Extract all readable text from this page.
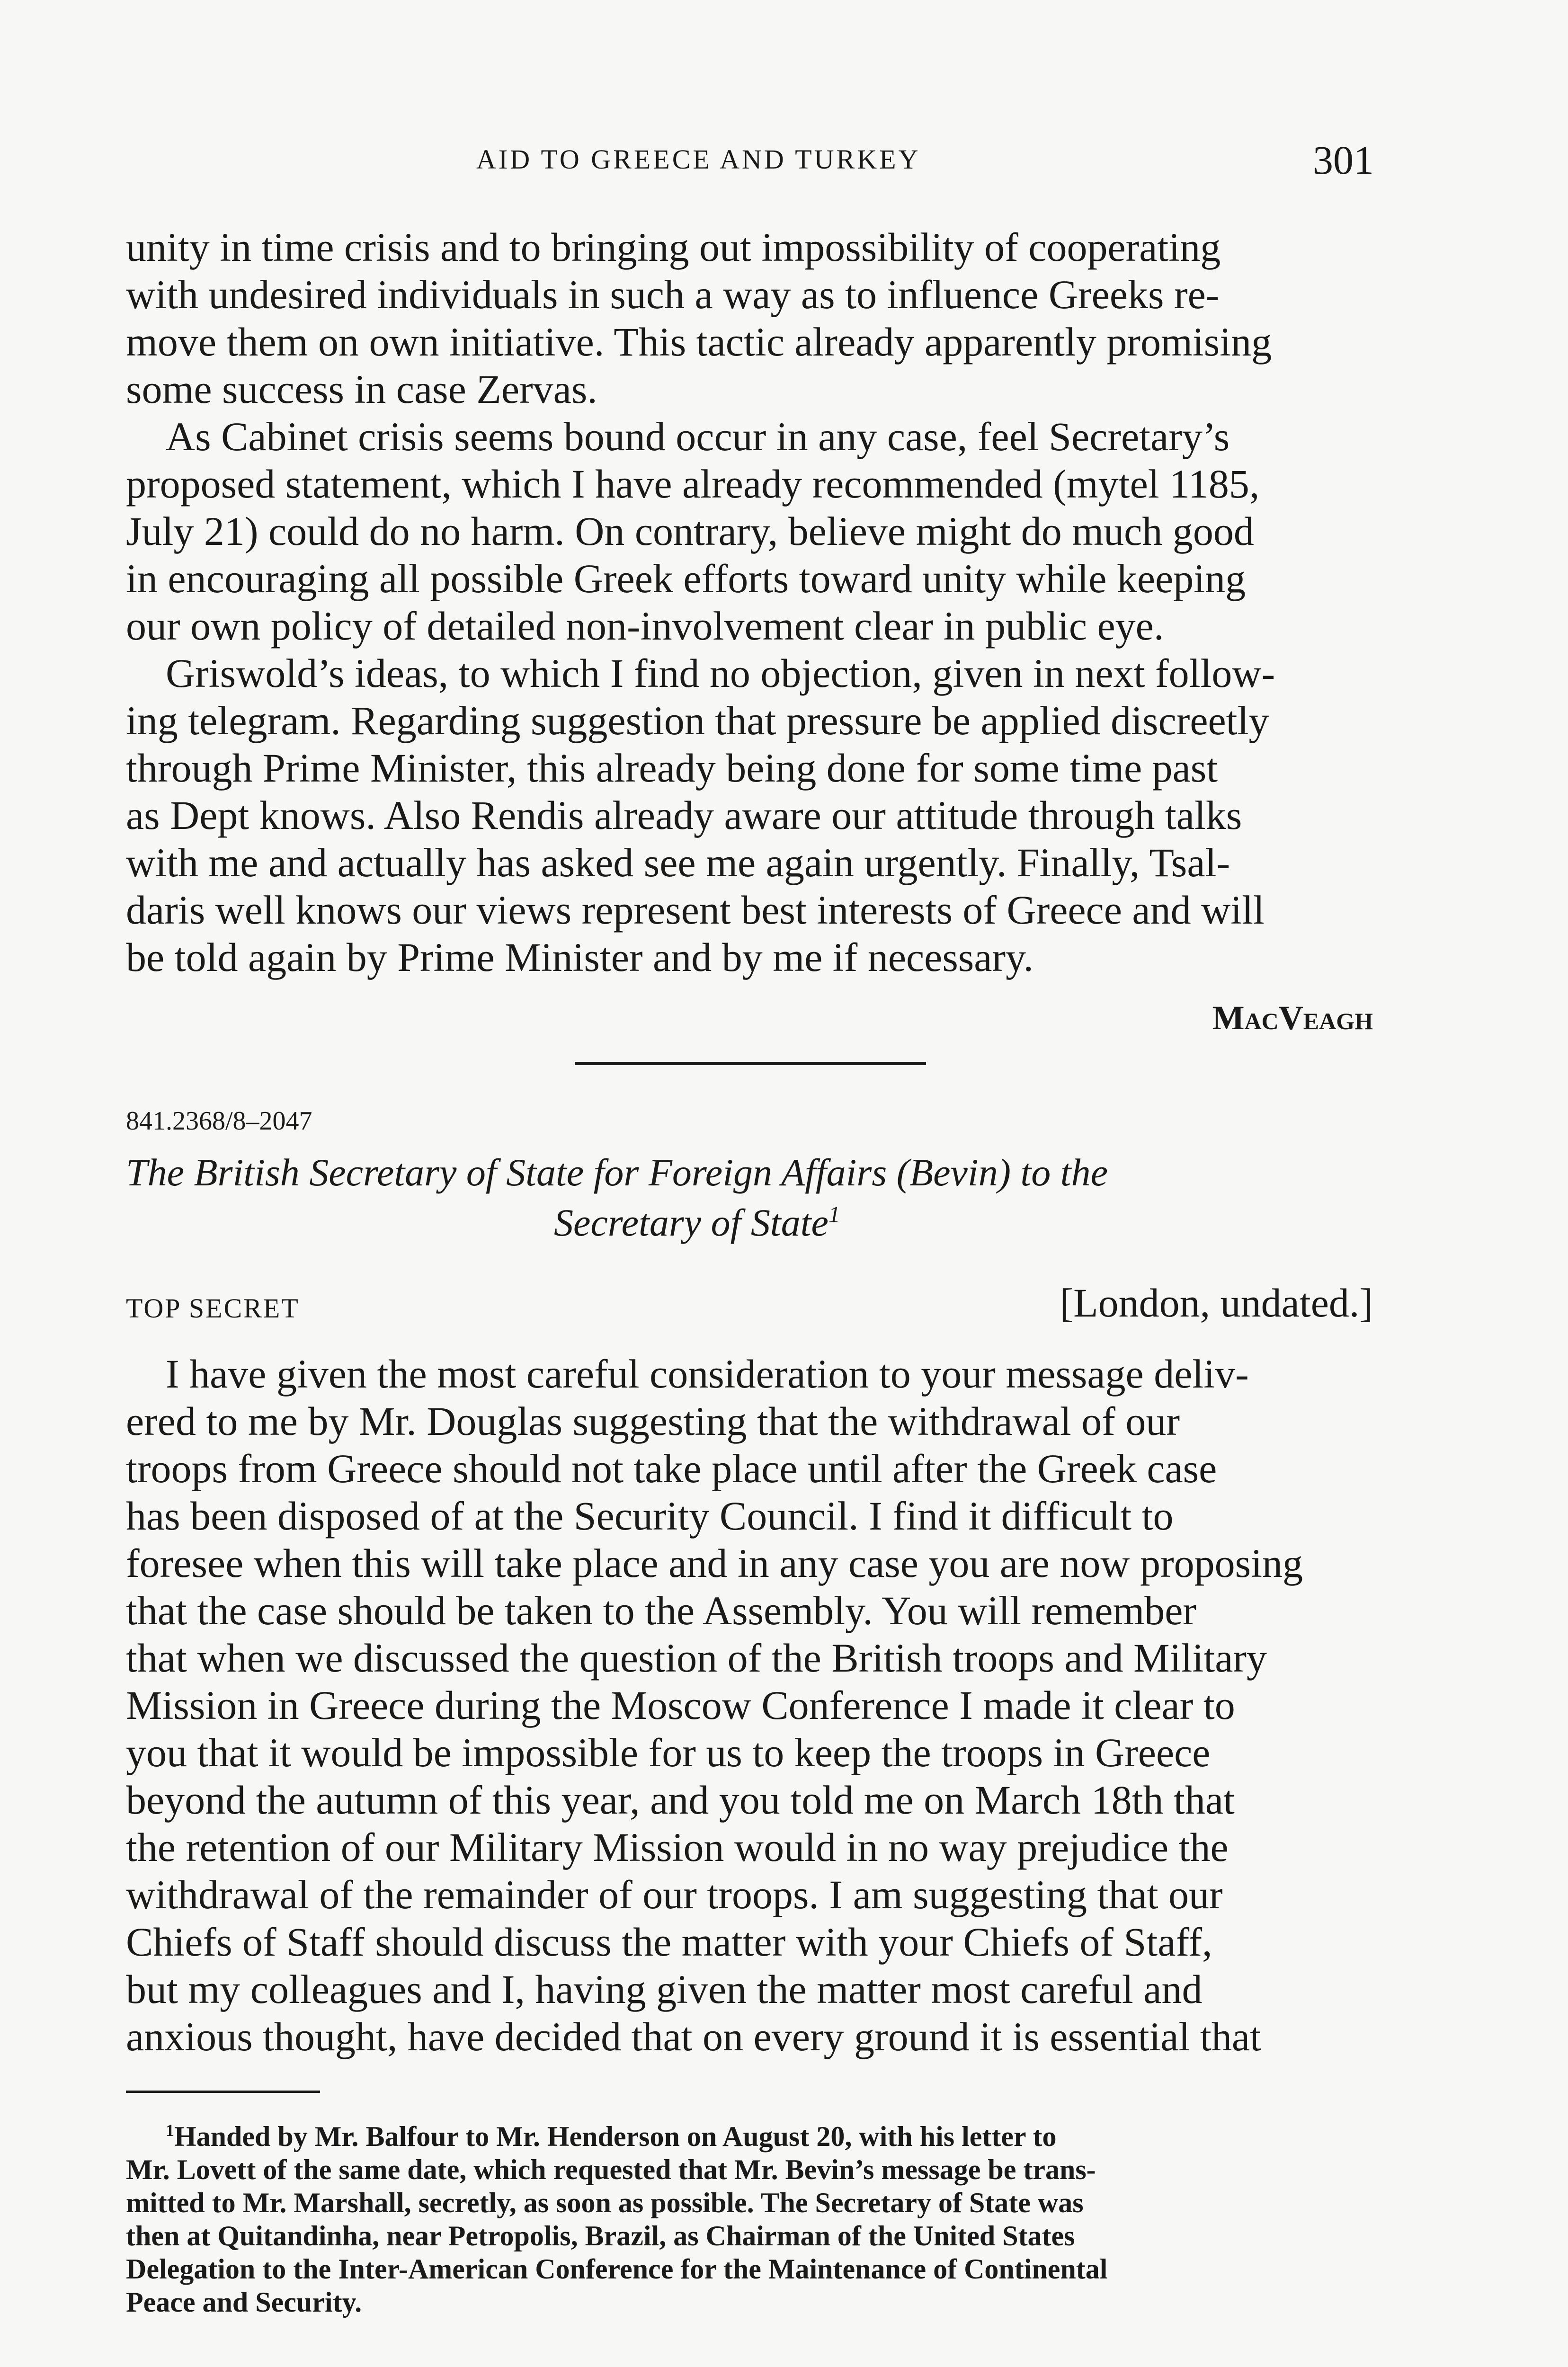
AID TO GREECE AND TURKEY	301
unity in time crisis and to bringing out impossibility of cooperating
with undesired individuals in such a way as to influence Greeks re-
move them on own initiative. This tactic already apparently promising
some success in case Zervas.
As Cabinet crisis seems bound occur in any case, feel Secretary’s
proposed statement, which I have already recommended (mytel 1185,
July 21) could do no harm. On contrary, believe might do much good
in encouraging all possible Greek efforts toward unity while keeping
our own policy of detailed non-involvement clear in public eye.
Griswold’s ideas, to which I find no objection, given in next follow-
ing telegram. Regarding suggestion that pressure be applied discreetly
through Prime Minister, this already being done for some time past
as Dept knows. Also Rendis already aware our attitude through talks
with me and actually has asked see me again urgently. Finally, Tsal-
daris well knows our views represent best interests of Greece and will
be told again by Prime Minister and by me if necessary.
MacVeagh
841.2368/8–2047
The British Secretary of State for Foreign Affairs (Bevin) to the
Secretary of State$^1$
TOP SECRET	[London, undated.]
I have given the most careful consideration to your message deliv-
ered to me by Mr. Douglas suggesting that the withdrawal of our
troops from Greece should not take place until after the Greek case
has been disposed of at the Security Council. I find it difficult to
foresee when this will take place and in any case you are now proposing
that the case should be taken to the Assembly. You will remember
that when we discussed the question of the British troops and Military
Mission in Greece during the Moscow Conference I made it clear to
you that it would be impossible for us to keep the troops in Greece
beyond the autumn of this year, and you told me on March 18th that
the retention of our Military Mission would in no way prejudice the
withdrawal of the remainder of our troops. I am suggesting that our
Chiefs of Staff should discuss the matter with your Chiefs of Staff,
but my colleagues and I, having given the matter most careful and
anxious thought, have decided that on every ground it is essential that
$^1$Handed by Mr. Balfour to Mr. Henderson on August 20, with his letter to
Mr. Lovett of the same date, which requested that Mr. Bevin’s message be trans-
mitted to Mr. Marshall, secretly, as soon as possible. The Secretary of State was
then at Quitandinha, near Petropolis, Brazil, as Chairman of the United States
Delegation to the Inter-American Conference for the Maintenance of Continental
Peace and Security.
